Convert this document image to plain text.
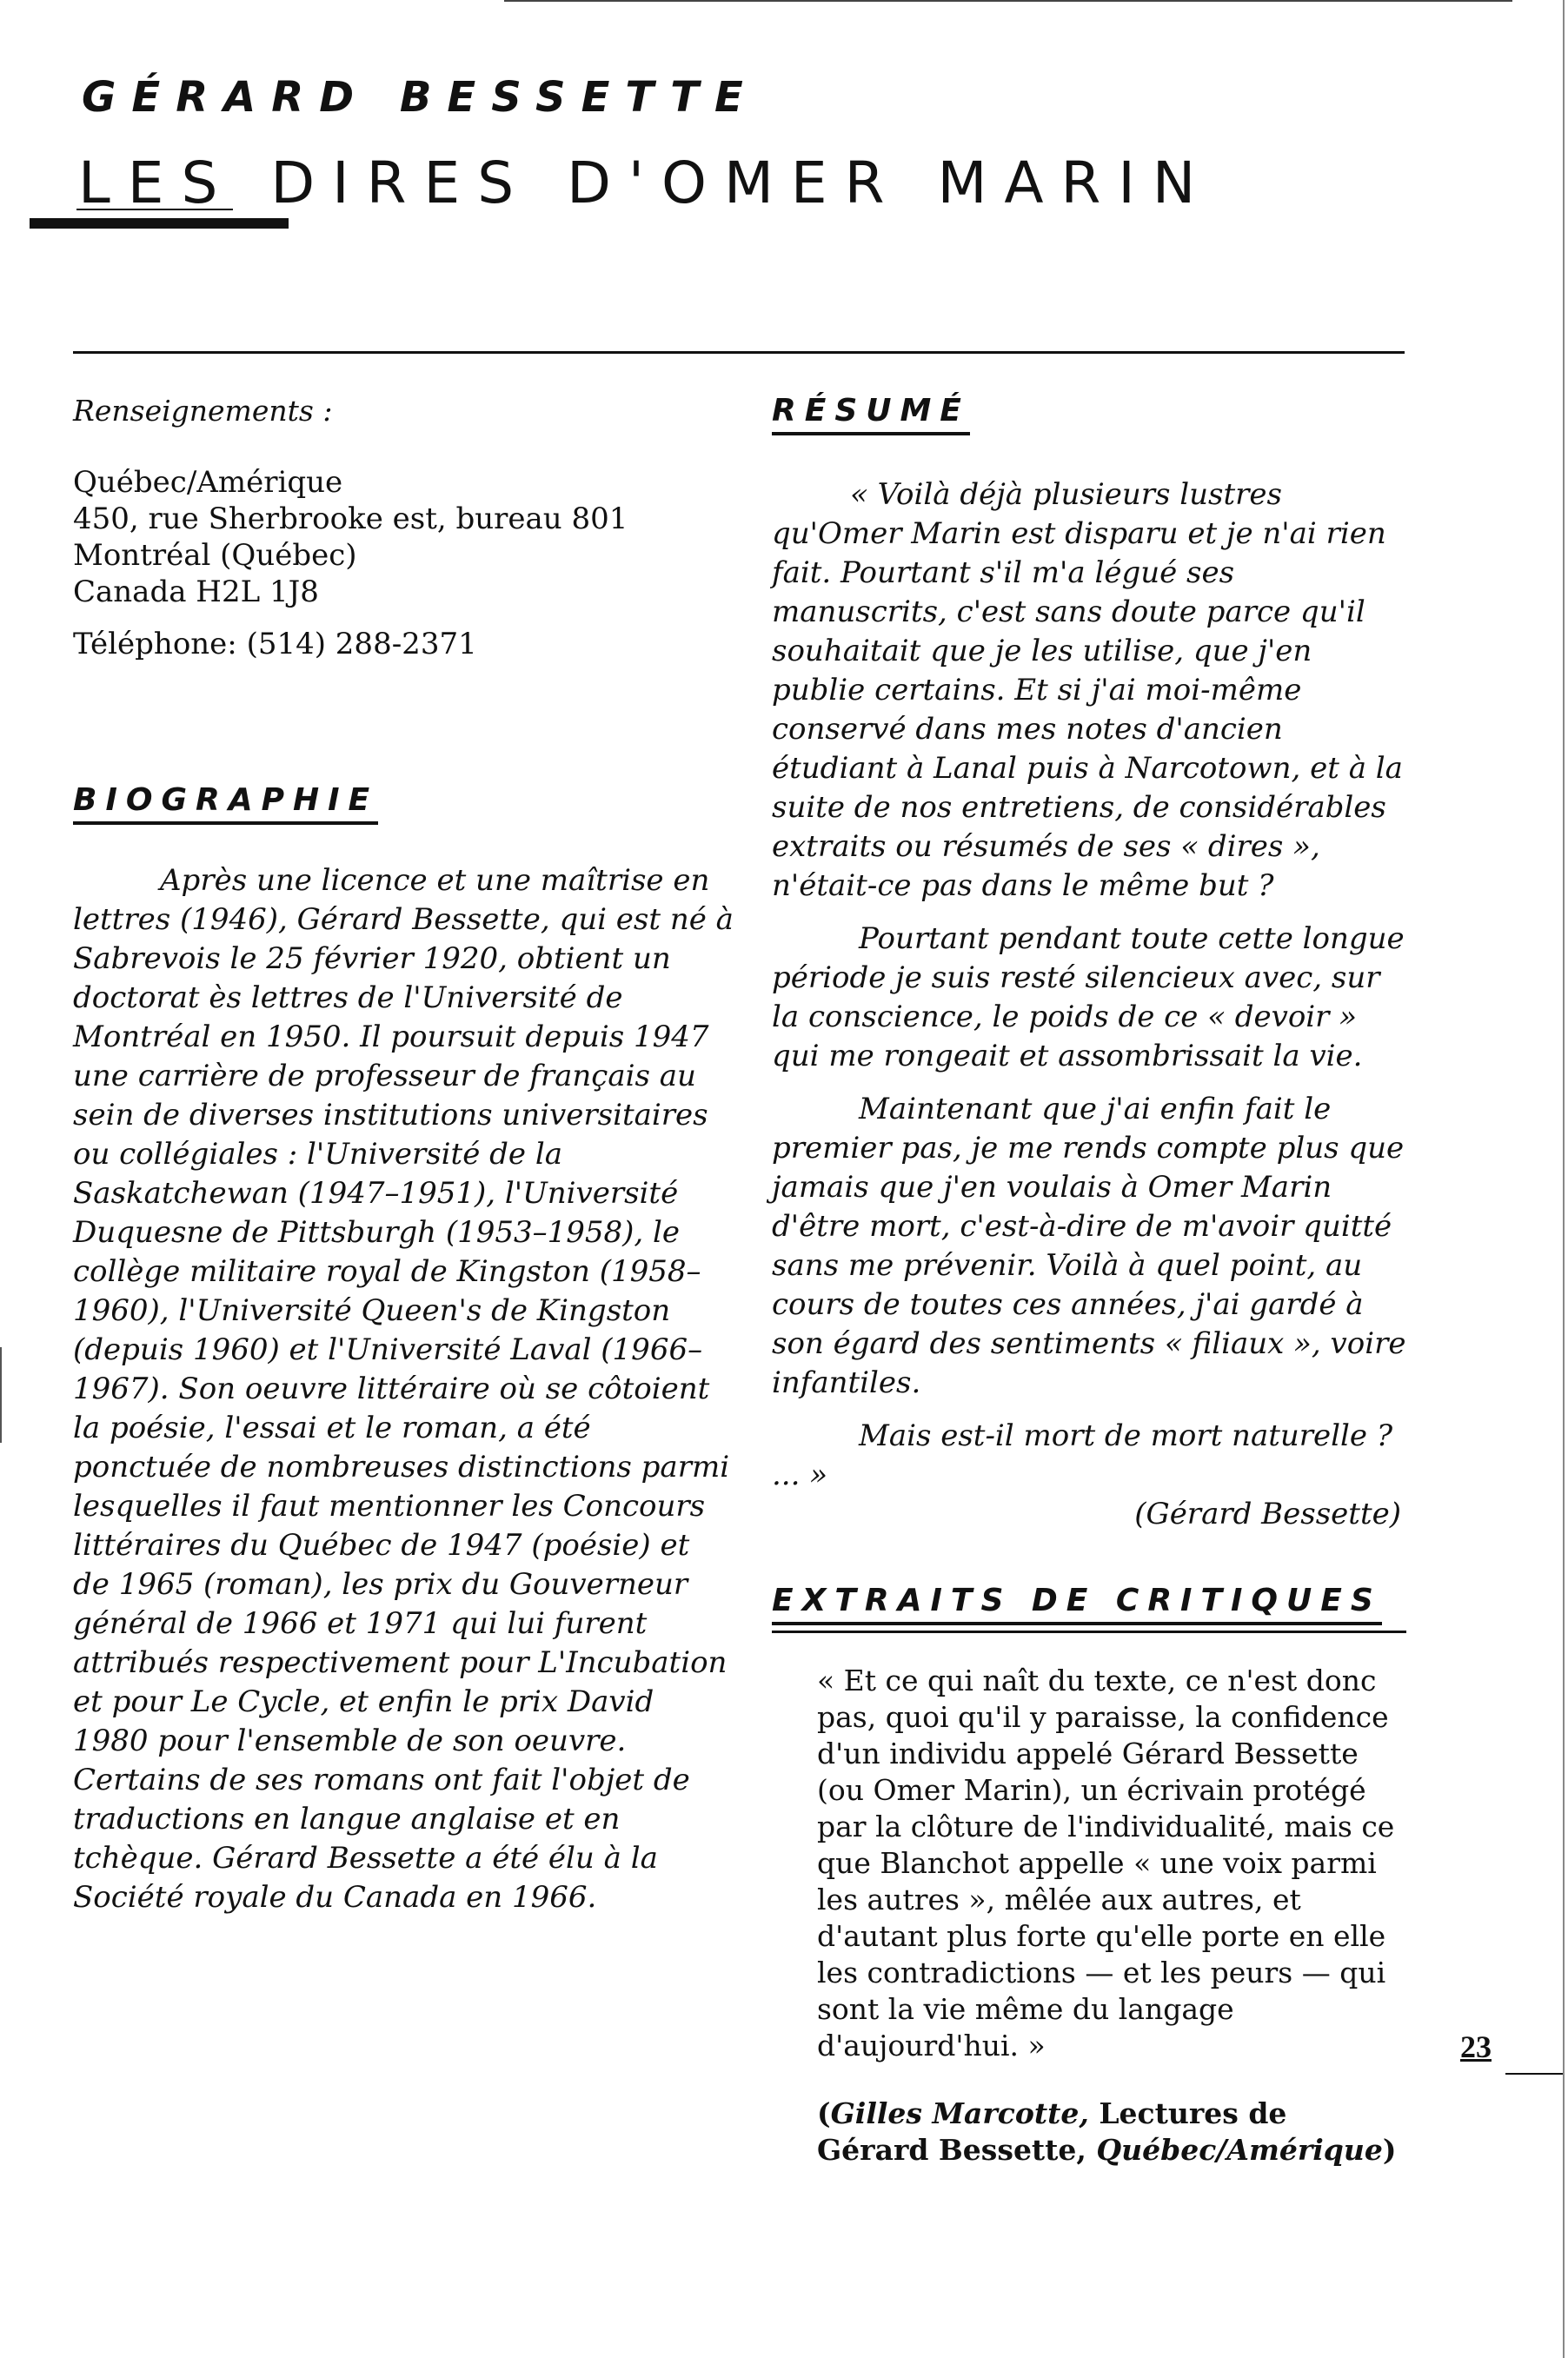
GÉRARD BESSETTE
LES DIRES D'OMER MARIN

Renseignements :

Québec/Amérique

450, rue Sherbrooke est, bureau 801

Montréal (Québec)

Canada H2L 1J8

Téléphone: (514) 288-2371

BIOGRAPHIE

Après une licence et une maîtrise en lettres (1946), Gérard Bessette, qui est né à Sabrevois le 25 février 1920, obtient un doctorat ès lettres de l'Université de Montréal en 1950. Il poursuit depuis 1947 une carrière de professeur de français au sein de diverses institutions universitaires ou collégiales : l'Université de la Saskatchewan (1947–1951), l'Université Duquesne de Pittsburgh (1953–1958), le collège militaire royal de Kingston (1958–1960), l'Université Queen's de Kingston (depuis 1960) et l'Université Laval (1966–1967). Son oeuvre littéraire où se côtoient la poésie, l'essai et le roman, a été ponctuée de nombreuses distinctions parmi lesquelles il faut mentionner les Concours littéraires du Québec de 1947 (poésie) et de 1965 (roman), les prix du Gouverneur général de 1966 et 1971 qui lui furent attribués respectivement pour L'Incubation et pour Le Cycle, et enfin le prix David 1980 pour l'ensemble de son oeuvre. Certains de ses romans ont fait l'objet de traductions en langue anglaise et en tchèque. Gérard Bessette a été élu à la Société royale du Canada en 1966.

RÉSUMÉ

« Voilà déjà plusieurs lustres qu'Omer Marin est disparu et je n'ai rien fait. Pourtant s'il m'a légué ses manuscrits, c'est sans doute parce qu'il souhaitait que je les utilise, que j'en publie certains. Et si j'ai moi-même conservé dans mes notes d'ancien étudiant à Lanal puis à Narcotown, et à la suite de nos entretiens, de considérables extraits ou résumés de ses « dires », n'était-ce pas dans le même but ?

Pourtant pendant toute cette longue période je suis resté silencieux avec, sur la conscience, le poids de ce « devoir » qui me rongeait et assombrissait la vie.

Maintenant que j'ai enfin fait le premier pas, je me rends compte plus que jamais que j'en voulais à Omer Marin d'être mort, c'est-à-dire de m'avoir quitté sans me prévenir. Voilà à quel point, au cours de toutes ces années, j'ai gardé à son égard des sentiments « filiaux », voire infantiles.

Mais est-il mort de mort naturelle ? ... »

(Gérard Bessette)

EXTRAITS DE CRITIQUES

« Et ce qui naît du texte, ce n'est donc pas, quoi qu'il y paraisse, la confidence d'un individu appelé Gérard Bessette (ou Omer Marin), un écrivain protégé par la clôture de l'individualité, mais ce que Blanchot appelle « une voix parmi les autres », mêlée aux autres, et d'autant plus forte qu'elle porte en elle les contradictions — et les peurs — qui sont la vie même du langage d'aujourd'hui. »

(Gilles Marcotte, Lectures de Gérard Bessette, Québec/Amérique)

23
